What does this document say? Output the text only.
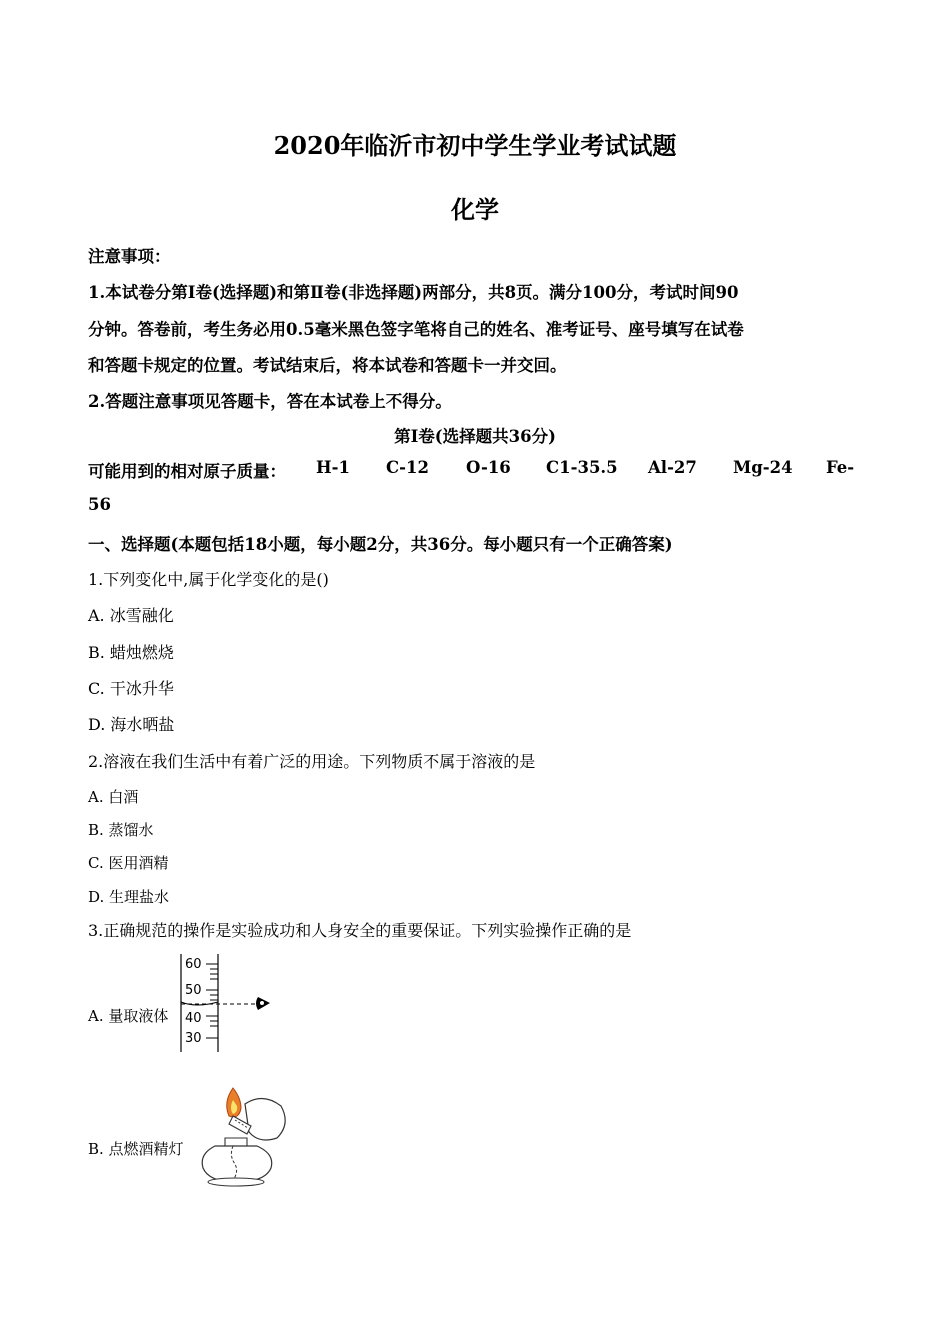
2020年临沂市初中学生学业考试试题
化学
注意事项：
1.本试卷分第Ⅰ卷(选择题)和第Ⅱ卷(非选择题)两部分，共8页。满分100分，考试时间90
分钟。答卷前，考生务必用0.5毫米黑色签字笔将自己的姓名、准考证号、座号填写在试卷
和答题卡规定的位置。考试结束后，将本试卷和答题卡一并交回。
2.答题注意事项见答题卡，答在本试卷上不得分。
第I卷(选择题共36分)
可能用到的相对原子质量： H-1 C-12 O-16 C1-35.5 Al-27 Mg-24 Fe-
56
一、选择题(本题包括18小题，每小题2分，共36分。每小题只有一个正确答案)
1.下列变化中,属于化学变化的是()
A. 冰雪融化
B. 蜡烛燃烧
C. 干冰升华
D. 海水晒盐
2.溶液在我们生活中有着广泛的用途。下列物质不属于溶液的是
A. 白酒
B. 蒸馏水
C. 医用酒精
D. 生理盐水
3.正确规范的操作是实验成功和人身安全的重要保证。下列实验操作正确的是
A. 量取液体
60
50
40
30
B. 点燃酒精灯
